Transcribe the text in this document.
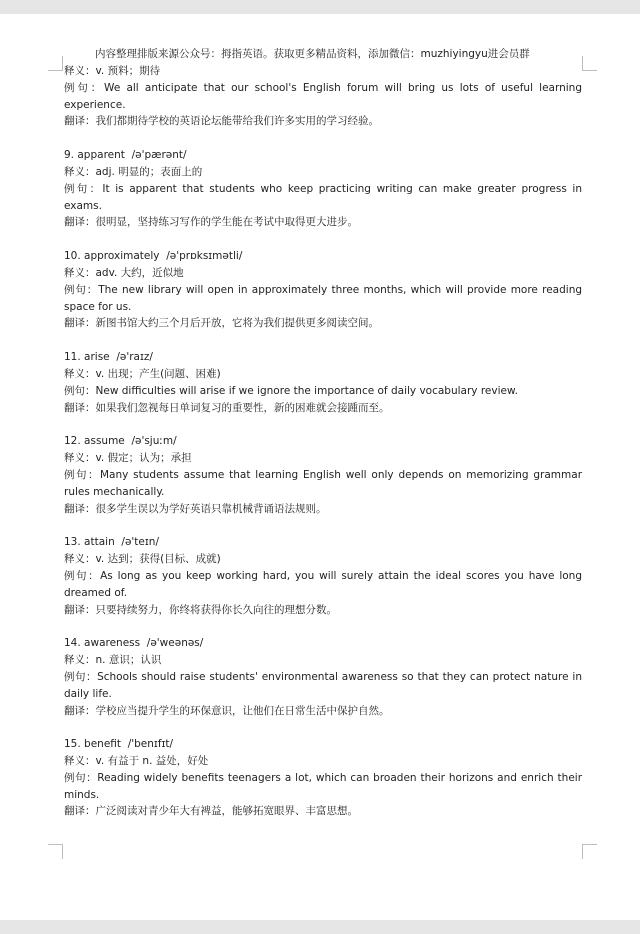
内容整理排版来源公众号：拇指英语。获取更多精品资料，添加微信：muzhiyingyu进会员群

释义：v. 预料；期待

例句：We all anticipate that our school's English forum will bring us lots of useful learning experience.

翻译：我们都期待学校的英语论坛能带给我们许多实用的学习经验。

9. apparent /ə'pærənt/

释义：adj. 明显的；表面上的

例句：It is apparent that students who keep practicing writing can make greater progress in exams.

翻译：很明显，坚持练习写作的学生能在考试中取得更大进步。

10. approximately /ə'prɒksɪmətli/

释义：adv. 大约，近似地

例句：The new library will open in approximately three months, which will provide more reading space for us.

翻译：新图书馆大约三个月后开放，它将为我们提供更多阅读空间。

11. arise /ə'raɪz/

释义：v. 出现；产生(问题、困难)

例句：New difficulties will arise if we ignore the importance of daily vocabulary review.

翻译：如果我们忽视每日单词复习的重要性，新的困难就会接踵而至。

12. assume /ə'sjuːm/

释义：v. 假定；认为；承担

例句：Many students assume that learning English well only depends on memorizing grammar rules mechanically.

翻译：很多学生误以为学好英语只靠机械背诵语法规则。

13. attain /ə'teɪn/

释义：v. 达到；获得(目标、成就)

例句：As long as you keep working hard, you will surely attain the ideal scores you have long dreamed of.

翻译：只要持续努力，你终将获得你长久向往的理想分数。

14. awareness /ə'weənəs/

释义：n. 意识；认识

例句：Schools should raise students' environmental awareness so that they can protect nature in daily life.

翻译：学校应当提升学生的环保意识，让他们在日常生活中保护自然。

15. benefit /'benɪfɪt/

释义：v. 有益于 n. 益处，好处

例句：Reading widely benefits teenagers a lot, which can broaden their horizons and enrich their minds.

翻译：广泛阅读对青少年大有裨益，能够拓宽眼界、丰富思想。
